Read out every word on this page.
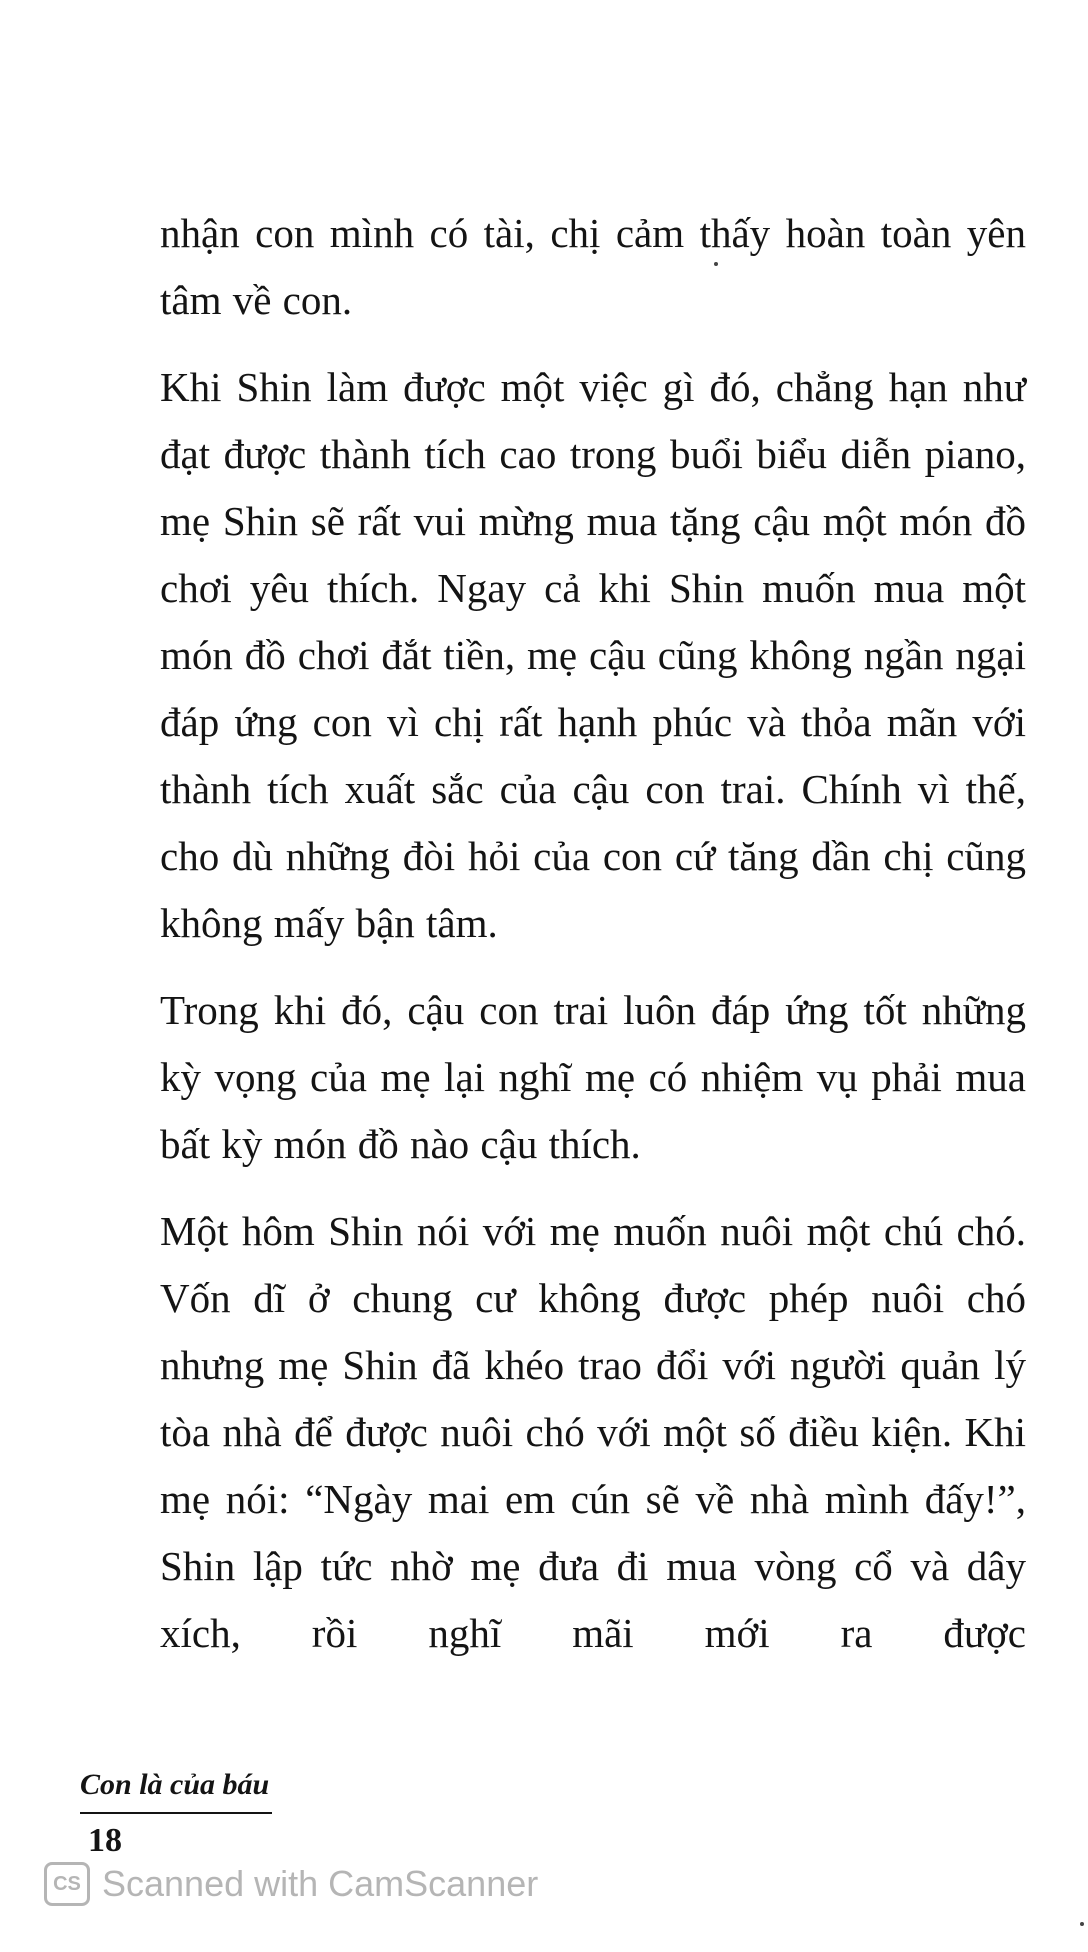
nhận con mình có tài, chị cảm thấy hoàn toàn yên tâm về con.

Khi Shin làm được một việc gì đó, chẳng hạn như đạt được thành tích cao trong buổi biểu diễn piano, mẹ Shin sẽ rất vui mừng mua tặng cậu một món đồ chơi yêu thích. Ngay cả khi Shin muốn mua một món đồ chơi đắt tiền, mẹ cậu cũng không ngần ngại đáp ứng con vì chị rất hạnh phúc và thỏa mãn với thành tích xuất sắc của cậu con trai. Chính vì thế, cho dù những đòi hỏi của con cứ tăng dần chị cũng không mấy bận tâm.

Trong khi đó, cậu con trai luôn đáp ứng tốt những kỳ vọng của mẹ lại nghĩ mẹ có nhiệm vụ phải mua bất kỳ món đồ nào cậu thích.

Một hôm Shin nói với mẹ muốn nuôi một chú chó. Vốn dĩ ở chung cư không được phép nuôi chó nhưng mẹ Shin đã khéo trao đổi với người quản lý tòa nhà để được nuôi chó với một số điều kiện. Khi mẹ nói: “Ngày mai em cún sẽ về nhà mình đấy!”, Shin lập tức nhờ mẹ đưa đi mua vòng cổ và dây xích, rồi nghĩ mãi mới ra được

Con là của báu
18
CS Scanned with CamScanner
